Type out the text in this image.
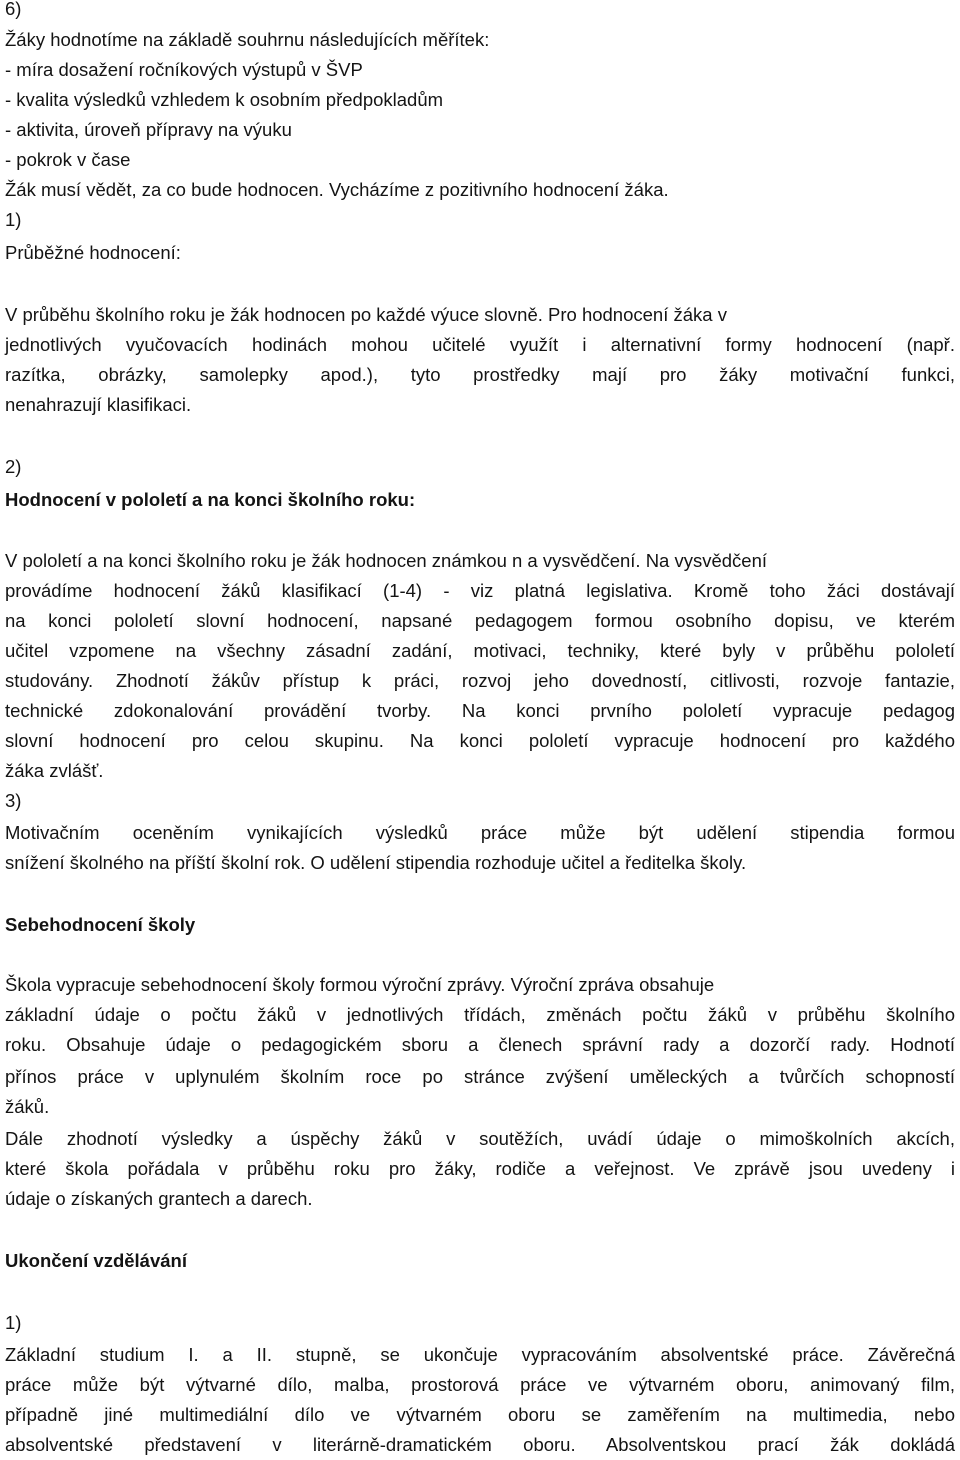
6)

Žáky hodnotíme na základě souhrnu následujících měřítek:

- míra dosažení ročníkových výstupů v ŠVP

- kvalita výsledků vzhledem k osobním předpokladům

- aktivita, úroveň přípravy na výuku

- pokrok v čase

Žák musí vědět, za co bude hodnocen. Vycházíme z pozitivního hodnocení žáka.

1)

Průběžné hodnocení:

V průběhu školního roku je žák hodnocen po každé výuce slovně. Pro hodnocení žáka v

jednotlivých vyučovacích hodinách mohou učitelé využít i alternativní formy hodnocení (např.

razítka, obrázky, samolepky apod.), tyto prostředky mají pro žáky motivační funkci,

nenahrazují klasifikaci.

2)

Hodnocení v pololetí a na konci školního roku:

V pololetí a na konci školního roku je žák hodnocen známkou n a vysvědčení. Na vysvědčení

provádíme hodnocení žáků klasifikací (1-4) - viz platná legislativa. Kromě toho žáci dostávají

na konci pololetí slovní hodnocení, napsané pedagogem formou osobního dopisu, ve kterém

učitel vzpomene na všechny zásadní zadání, motivaci, techniky, které byly v průběhu pololetí

studovány. Zhodnotí žákův přístup k práci, rozvoj jeho dovedností, citlivosti, rozvoje fantazie,

technické zdokonalování provádění tvorby. Na konci prvního pololetí vypracuje pedagog

slovní hodnocení pro celou skupinu. Na konci pololetí vypracuje hodnocení pro každého

žáka zvlášť.

3)

Motivačním oceněním vynikajících výsledků práce může být udělení stipendia formou

snížení školného na příští školní rok. O udělení stipendia rozhoduje učitel a ředitelka školy.

Sebehodnocení školy

Škola vypracuje sebehodnocení školy formou výroční zprávy. Výroční zpráva obsahuje

základní údaje o počtu žáků v jednotlivých třídách, změnách počtu žáků v průběhu školního

roku. Obsahuje údaje o pedagogickém sboru a členech správní rady a dozorčí rady. Hodnotí

přínos práce v uplynulém školním roce po stránce zvýšení uměleckých a tvůrčích schopností

žáků.

Dále zhodnotí výsledky a úspěchy žáků v soutěžích, uvádí údaje o mimoškolních akcích,

které škola pořádala v průběhu roku pro žáky, rodiče a veřejnost. Ve zprávě jsou uvedeny i

údaje o získaných grantech a darech.

Ukončení vzdělávání

1)

Základní studium I. a II. stupně, se ukončuje vypracováním absolventské práce. Závěrečná

práce může být výtvarné dílo, malba, prostorová práce ve výtvarném oboru, animovaný film,

případně jiné multimediální dílo ve výtvarném oboru se zaměřením na multimedia, nebo

absolventské představení v literárně-dramatickém oboru. Absolventskou prací žák dokládá
